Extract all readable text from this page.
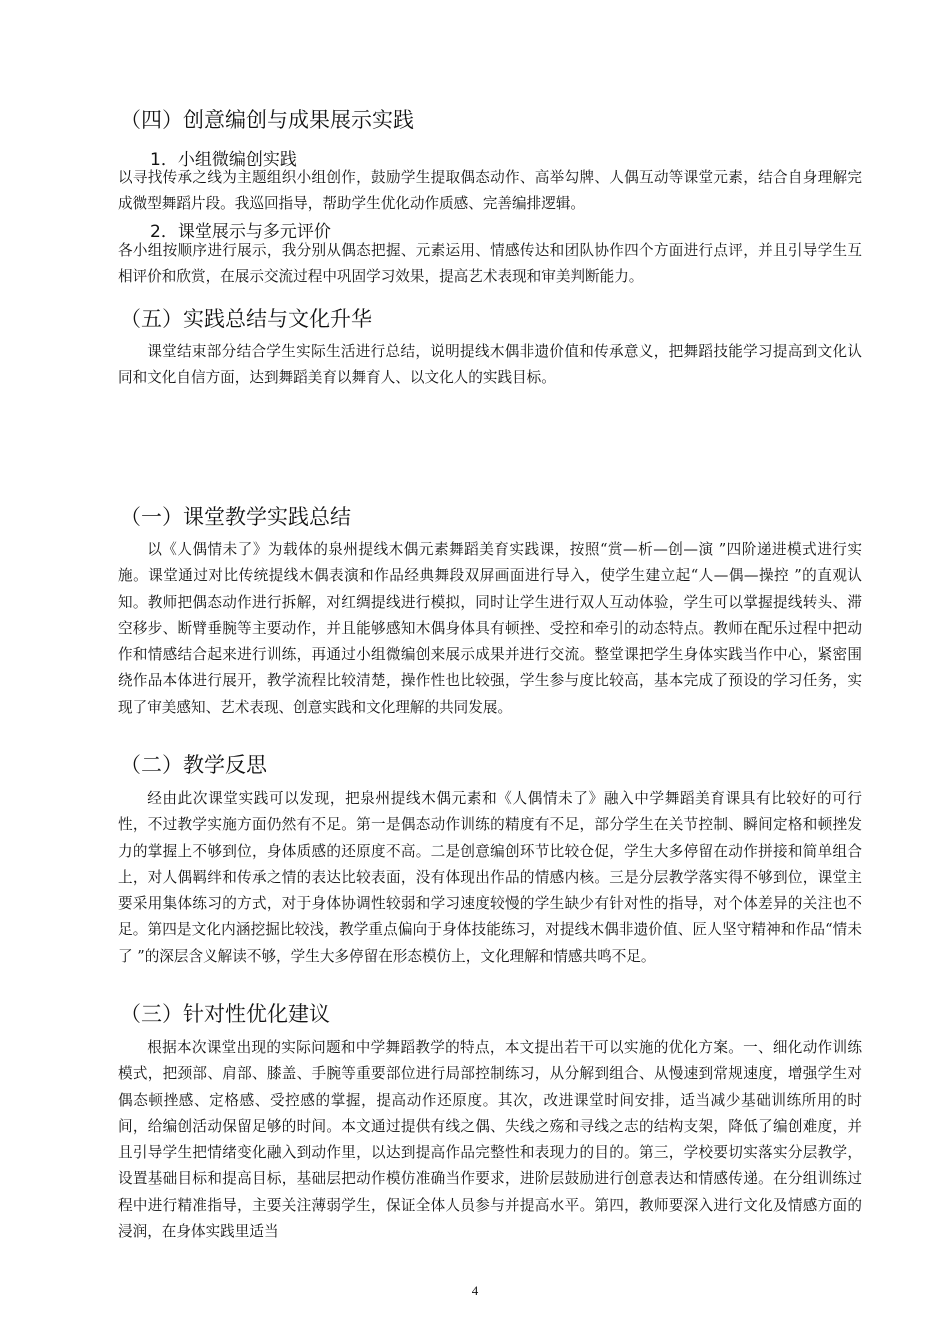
（四）创意编创与成果展示实践
1．小组微编创实践

以寻找传承之线为主题组织小组创作，鼓励学生提取偶态动作、高举勾牌、人偶互动等课堂元素，结合自身理解完成微型舞蹈片段。我巡回指导，帮助学生优化动作质感、完善编排逻辑。

2．课堂展示与多元评价

各小组按顺序进行展示，我分别从偶态把握、元素运用、情感传达和团队协作四个方面进行点评，并且引导学生互相评价和欣赏，在展示交流过程中巩固学习效果，提高艺术表现和审美判断能力。

（五）实践总结与文化升华

课堂结束部分结合学生实际生活进行总结，说明提线木偶非遗价值和传承意义，把舞蹈技能学习提高到文化认同和文化自信方面，达到舞蹈美育以舞育人、以文化人的实践目标。

（一）课堂教学实践总结

以《人偶情未了》为载体的泉州提线木偶元素舞蹈美育实践课，按照“赏—析—创—演 ”四阶递进模式进行实施。课堂通过对比传统提线木偶表演和作品经典舞段双屏画面进行导入，使学生建立起“人—偶—操控 ”的直观认知。教师把偶态动作进行拆解，对红绸提线进行模拟，同时让学生进行双人互动体验，学生可以掌握提线转头、滞空移步、断臂垂腕等主要动作，并且能够感知木偶身体具有顿挫、受控和牵引的动态特点。教师在配乐过程中把动作和情感结合起来进行训练，再通过小组微编创来展示成果并进行交流。整堂课把学生身体实践当作中心，紧密围绕作品本体进行展开，教学流程比较清楚，操作性也比较强，学生参与度比较高，基本完成了预设的学习任务，实现了审美感知、艺术表现、创意实践和文化理解的共同发展。

（二）教学反思

经由此次课堂实践可以发现，把泉州提线木偶元素和《人偶情未了》融入中学舞蹈美育课具有比较好的可行性，不过教学实施方面仍然有不足。第一是偶态动作训练的精度有不足，部分学生在关节控制、瞬间定格和顿挫发力的掌握上不够到位，身体质感的还原度不高。二是创意编创环节比较仓促，学生大多停留在动作拼接和简单组合上，对人偶羁绊和传承之情的表达比较表面，没有体现出作品的情感内核。三是分层教学落实得不够到位，课堂主要采用集体练习的方式，对于身体协调性较弱和学习速度较慢的学生缺少有针对性的指导，对个体差异的关注也不足。第四是文化内涵挖掘比较浅，教学重点偏向于身体技能练习，对提线木偶非遗价值、匠人坚守精神和作品“情未了 ”的深层含义解读不够，学生大多停留在形态模仿上，文化理解和情感共鸣不足。

（三）针对性优化建议

根据本次课堂出现的实际问题和中学舞蹈教学的特点，本文提出若干可以实施的优化方案。一、细化动作训练模式，把颈部、肩部、膝盖、手腕等重要部位进行局部控制练习，从分解到组合、从慢速到常规速度，增强学生对偶态顿挫感、定格感、受控感的掌握，提高动作还原度。其次，改进课堂时间安排，适当减少基础训练所用的时间，给编创活动保留足够的时间。本文通过提供有线之偶、失线之殇和寻线之志的结构支架，降低了编创难度，并且引导学生把情绪变化融入到动作里，以达到提高作品完整性和表现力的目的。第三，学校要切实落实分层教学，设置基础目标和提高目标，基础层把动作模仿准确当作要求，进阶层鼓励进行创意表达和情感传递。在分组训练过程中进行精准指导，主要关注薄弱学生，保证全体人员参与并提高水平。第四，教师要深入进行文化及情感方面的浸润，在身体实践里适当

4
